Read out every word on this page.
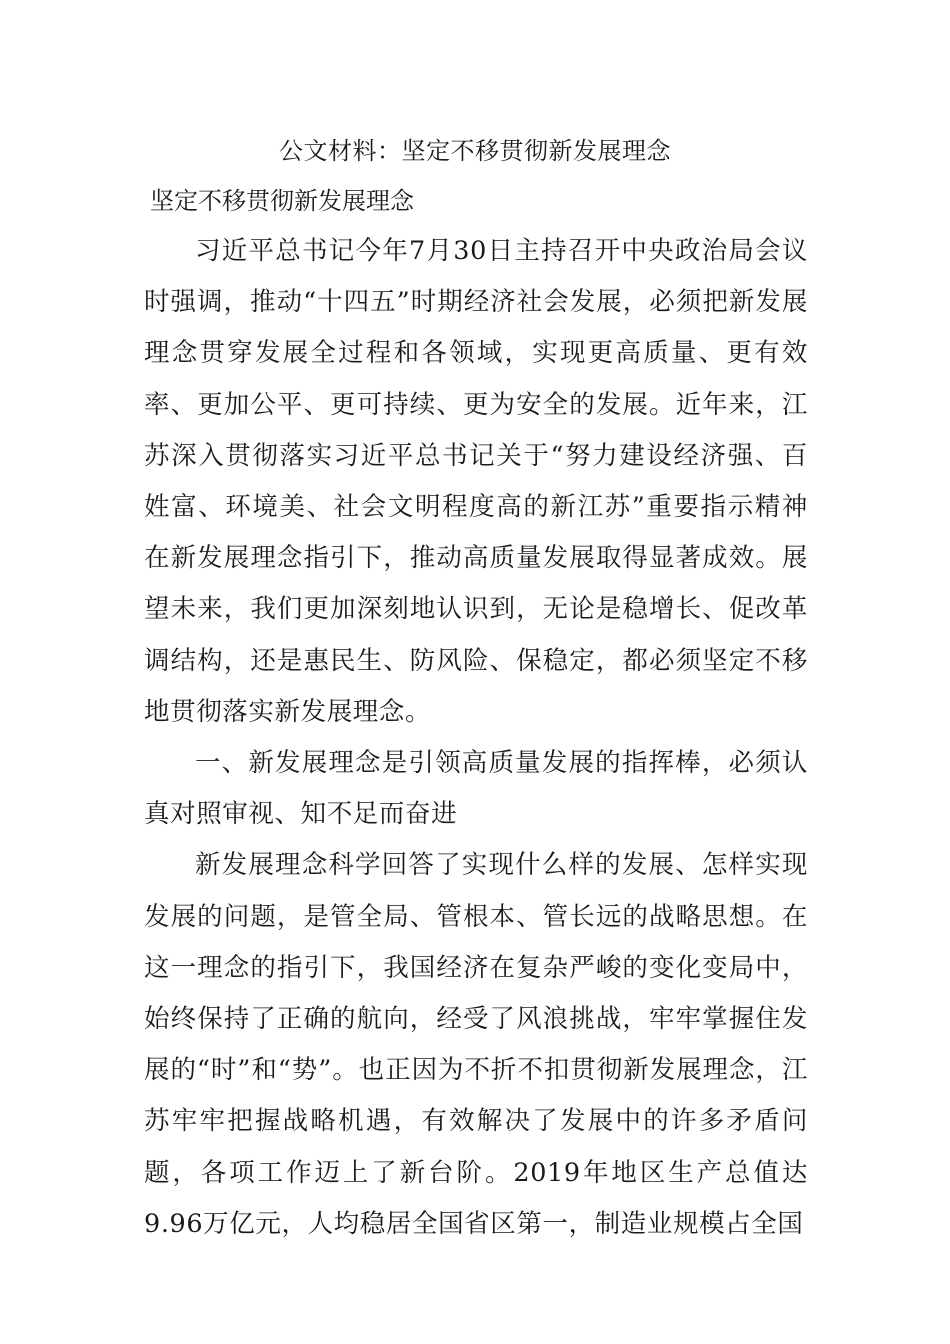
公文材料：坚定不移贯彻新发展理念
坚定不移贯彻新发展理念

习近平总书记今年7月30日主持召开中央政治局会议时强调，推动“十四五”时期经济社会发展，必须把新发展理念贯穿发展全过程和各领域，实现更高质量、更有效率、更加公平、更可持续、更为安全的发展。近年来，江苏深入贯彻落实习近平总书记关于“努力建设经济强、百姓富、环境美、社会文明程度高的新江苏”重要指示精神在新发展理念指引下，推动高质量发展取得显著成效。展望未来，我们更加深刻地认识到，无论是稳增长、促改革调结构，还是惠民生、防风险、保稳定，都必须坚定不移地贯彻落实新发展理念。

一、新发展理念是引领高质量发展的指挥棒，必须认真对照审视、知不足而奋进

新发展理念科学回答了实现什么样的发展、怎样实现发展的问题，是管全局、管根本、管长远的战略思想。在这一理念的指引下，我国经济在复杂严峻的变化变局中，始终保持了正确的航向，经受了风浪挑战，牢牢掌握住发展的“时”和“势”。也正因为不折不扣贯彻新发展理念，江苏牢牢把握战略机遇，有效解决了发展中的许多矛盾问题，各项工作迈上了新台阶。2019年地区生产总值达9.96万亿元，人均稳居全国省区第一，制造业规模占全国
